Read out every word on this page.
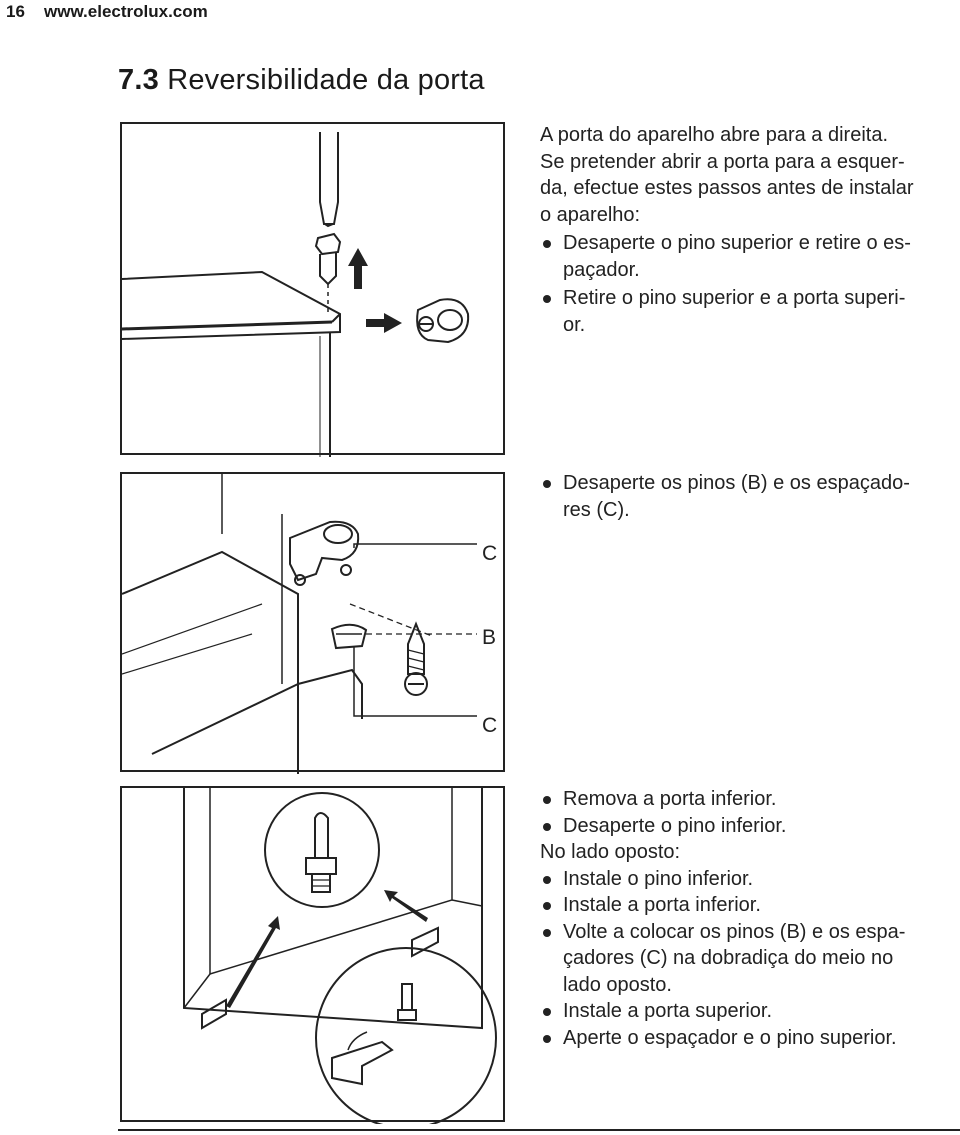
16 www.electrolux.com
7.3 Reversibilidade da porta
C
B
C

A porta do aparelho abre para a direita.

Se pretender abrir a porta para a esquer-

da, efectue estes passos antes de instalar

o aparelho:

Desaperte o pino superior e retire o es-
paçador.
Retire o pino superior e a porta superi-
or.
Desaperte os pinos (B) e os espaçado-
res (C).
Remova a porta inferior.
Desaperte o pino inferior.

No lado oposto:

Instale o pino inferior.
Instale a porta inferior.
Volte a colocar os pinos (B) e os espa-
çadores (C) na dobradiça do meio no
lado oposto.
Instale a porta superior.
Aperte o espaçador e o pino superior.
